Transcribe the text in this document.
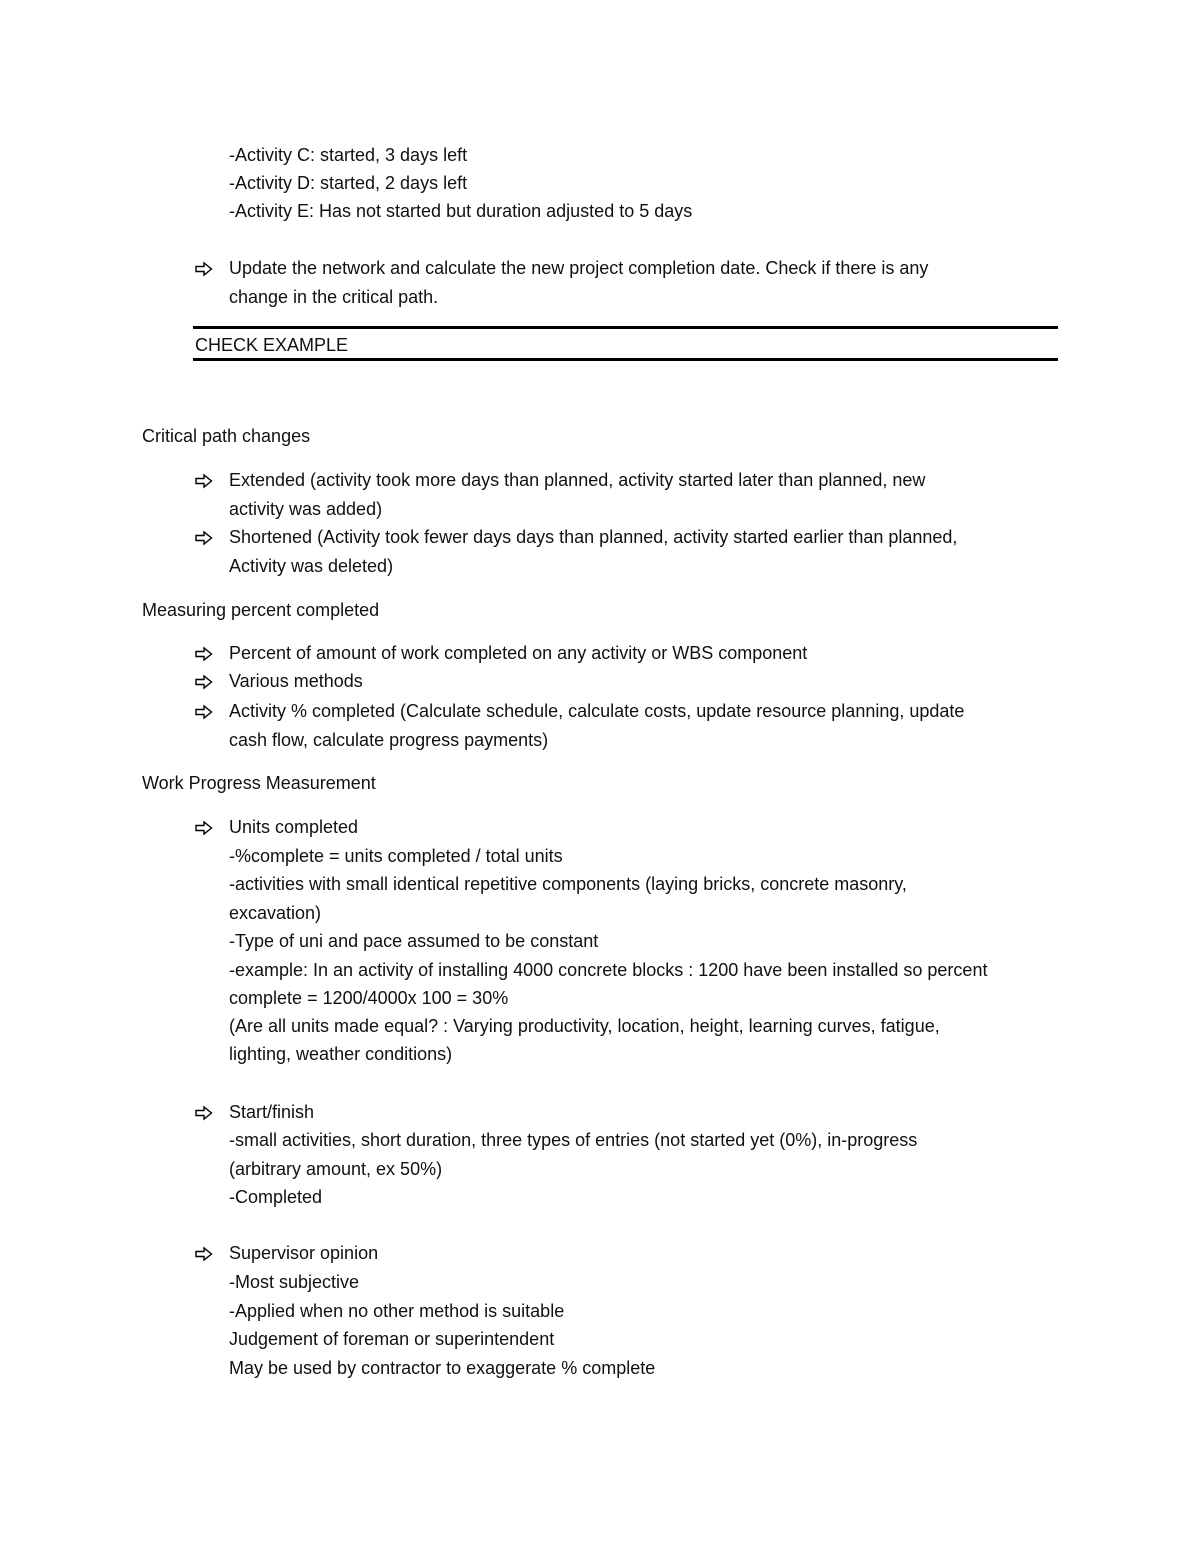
-Activity C: started, 3 days left
-Activity D: started, 2 days left
-Activity E: Has not started but duration adjusted to 5 days
Update the network and calculate the new project completion date. Check if there is any
change in the critical path.
CHECK EXAMPLE
Critical path changes
Extended (activity took more days than planned, activity started later than planned, new
activity was added)
Shortened (Activity took fewer days days than planned, activity started earlier than planned,
Activity was deleted)
Measuring percent completed
Percent of amount of work completed on any activity or WBS component
Various methods
Activity % completed (Calculate schedule, calculate costs, update resource planning, update
cash flow, calculate progress payments)
Work Progress Measurement
Units completed
-%complete = units completed / total units
-activities with small identical repetitive components (laying bricks, concrete masonry,
excavation)
-Type of uni and pace assumed to be constant
-example: In an activity of installing 4000 concrete blocks : 1200 have been installed so percent
complete = 1200/4000x 100 = 30%
(Are all units made equal? : Varying productivity, location, height, learning curves, fatigue,
lighting, weather conditions)
Start/finish
-small activities, short duration, three types of entries (not started yet (0%), in-progress
(arbitrary amount, ex 50%)
-Completed
Supervisor opinion
-Most subjective
-Applied when no other method is suitable
Judgement of foreman or superintendent
May be used by contractor to exaggerate % complete
